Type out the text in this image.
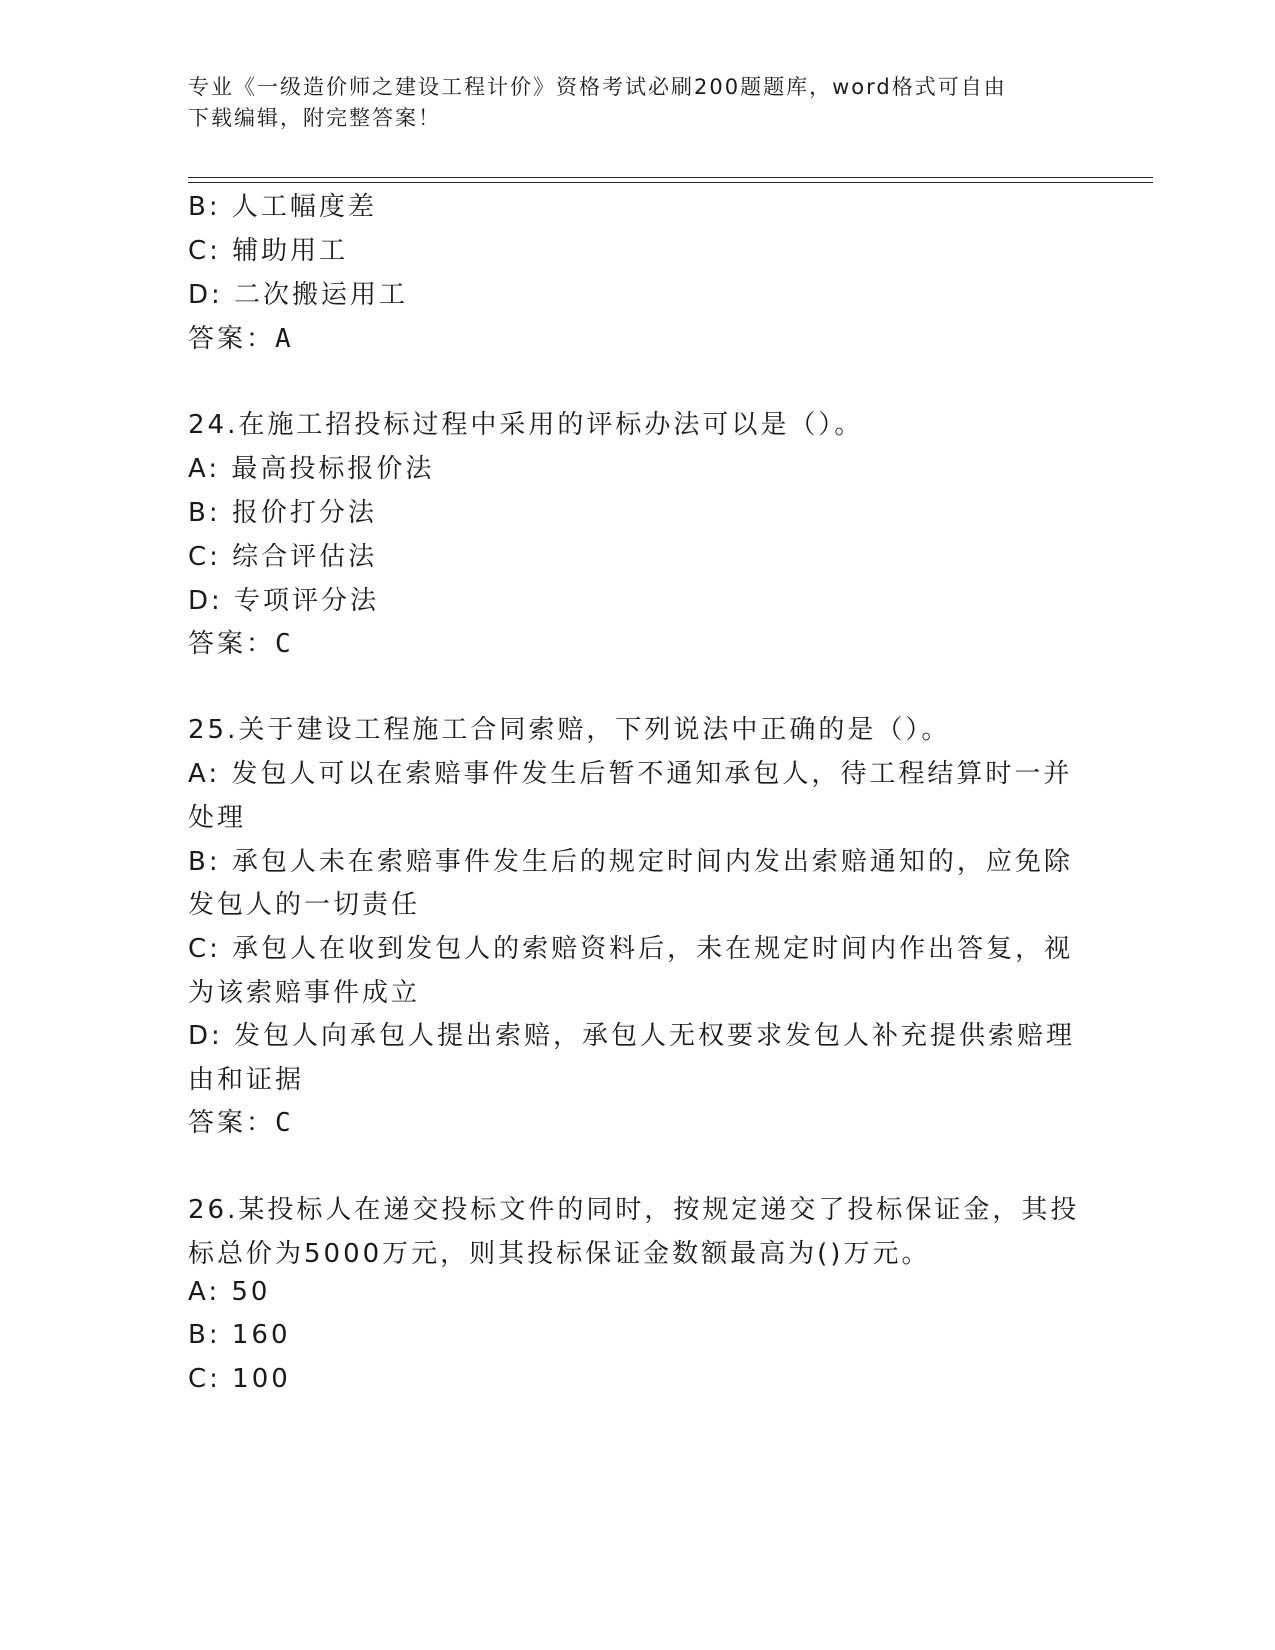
专业《一级造价师之建设工程计价》资格考试必刷200题题库，word格式可自由
下载编辑，附完整答案！
B: 人工幅度差
C: 辅助用工
D: 二次搬运用工
答案：A
24.在施工招投标过程中采用的评标办法可以是（）。
A: 最高投标报价法
B: 报价打分法
C: 综合评估法
D: 专项评分法
答案：C
25.关于建设工程施工合同索赔，下列说法中正确的是（）。
A: 发包人可以在索赔事件发生后暂不通知承包人，待工程结算时一并
处理
B: 承包人未在索赔事件发生后的规定时间内发出索赔通知的，应免除
发包人的一切责任
C: 承包人在收到发包人的索赔资料后，未在规定时间内作出答复，视
为该索赔事件成立
D: 发包人向承包人提出索赔，承包人无权要求发包人补充提供索赔理
由和证据
答案：C
26.某投标人在递交投标文件的同时，按规定递交了投标保证金，其投
标总价为5000万元，则其投标保证金数额最高为()万元。
A: 50
B: 160
C: 100
